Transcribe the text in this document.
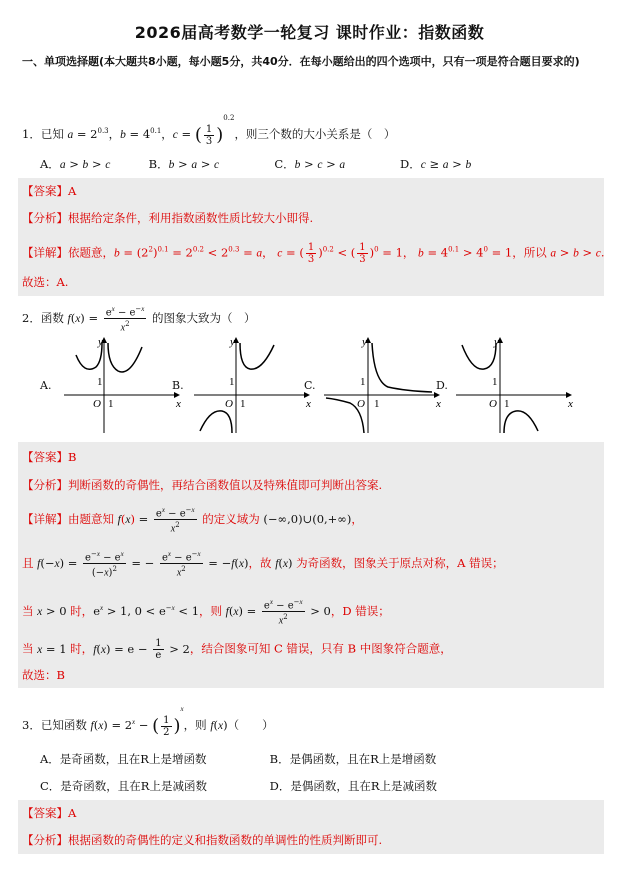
2026届高考数学一轮复习 课时作业：指数函数
一、单项选择题(本大题共8小题，每小题5分，共40分．在每小题给出的四个选项中，只有一项是符合题目要求的)
1．已知 $a = 2^{0.3}$，$b = 4^{0.1}$，c = ( $\frac{1}{3} )^{0.2}$，则三个数的大小关系是（　）
A．a > b > c	B．b > a > c	C．b > c > a	D．c ≥ a > b
【答案】A
【分析】根据给定条件，利用指数函数性质比较大小即得.
【详解】依题意，$b = (2^2)^{0.1} = 2^{0.2} < 2^{0.3} = a$， c = ( $\frac{1}{3} )^{0.2}$ < ( $\frac{1}{3} )^0 = 1$， $b = 4^{0.1} > 4^0 = 1$，所以 a > b > c.
故选：A.
2．函数 $f(x) = \frac{e^x - e^{-x}}{x^2}$ 的图象大致为（　）
A.
y
x
O 1
1	B.
y
x
O 1
1	C.
y
x
O 1
1	D.
y
x
O 1
1
【答案】B
【分析】判断函数的奇偶性，再结合函数值以及特殊值即可判断出答案.
【详解】由题意知 $f(x) = \frac{e^x - e^{-x}}{x^2}$ 的定义域为 (−∞,0)∪(0,+∞)，
且 $f(-x) = \frac{e^{-x} - e^x}{(-x)^2}$ = − $\frac{e^x - e^{-x}}{x^2} = -f(x)$，故 f(x) 为奇函数，图象关于原点对称，A 错误；
当 x > 0 时，$e^x > 1$, $0 < e^{-x} < 1$，则 $f(x) = \frac{e^x - e^{-x}}{x^2} > 0$，D 错误；
当 x = 1 时，$f(x) = e - \frac{1}{e} > 2$，结合图象可知 C 错误，只有 B 中图象符合题意，
故选：B
3．已知函数 $f(x) = 2^x$ − ( $\frac{1}{2} )^x$，则 f(x)（　　）
A．是奇函数，且在R上是增函数	B．是偶函数，且在R上是增函数
C．是奇函数，且在R上是减函数	D．是偶函数，且在R上是减函数
【答案】A
【分析】根据函数的奇偶性的定义和指数函数的单调性的性质判断即可.
